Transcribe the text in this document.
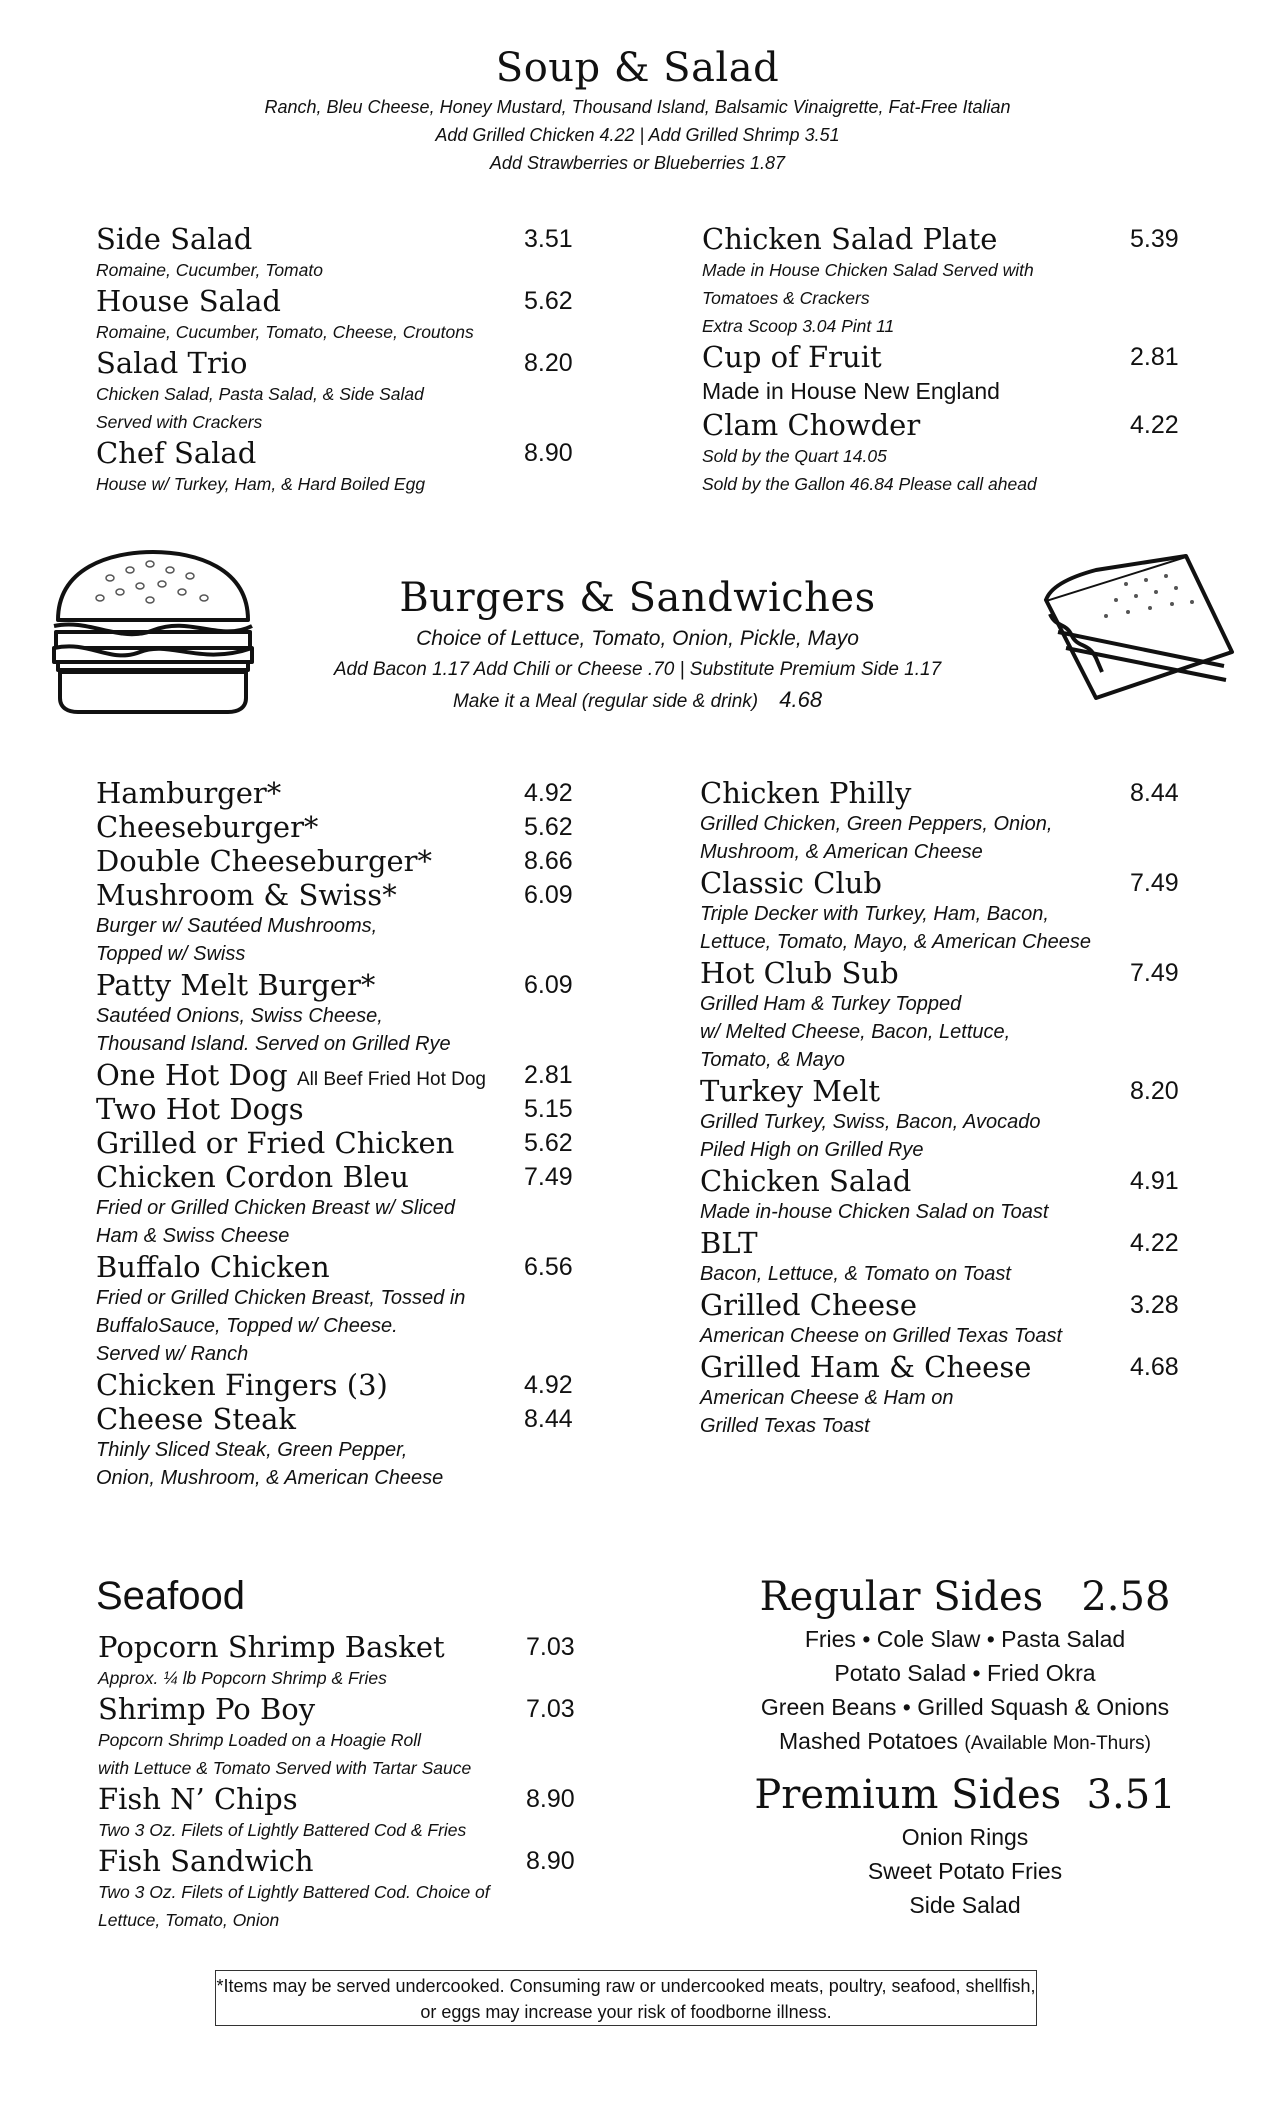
Soup & Salad
Ranch, Bleu Cheese, Honey Mustard, Thousand Island, Balsamic Vinaigrette, Fat-Free Italian
Add Grilled Chicken 4.22 | Add Grilled Shrimp 3.51
Add Strawberries or Blueberries 1.87
Side Salad	3.51
Romaine, Cucumber, Tomato
House Salad	5.62
Romaine, Cucumber, Tomato, Cheese, Croutons
Salad Trio	8.20
Chicken Salad, Pasta Salad, & Side Salad
Served with Crackers
Chef Salad	8.90
House w/ Turkey, Ham, & Hard Boiled Egg
Chicken Salad Plate	5.39
Made in House Chicken Salad Served with
Tomatoes & Crackers
Extra Scoop 3.04 Pint 11
Cup of Fruit	2.81
Made in House New England
Clam Chowder	4.22
Sold by the Quart 14.05
Sold by the Gallon 46.84 Please call ahead
Burgers & Sandwiches
Choice of Lettuce, Tomato, Onion, Pickle, Mayo
Add Bacon 1.17 Add Chili or Cheese .70 | Substitute Premium Side 1.17
Make it a Meal (regular side & drink) 4.68
Hamburger*	4.92
Cheeseburger*	5.62
Double Cheeseburger*	8.66
Mushroom & Swiss*	6.09
Burger w/ Sautéed Mushrooms,
Topped w/ Swiss
Patty Melt Burger*	6.09
Sautéed Onions, Swiss Cheese,
Thousand Island. Served on Grilled Rye
One Hot Dog All Beef Fried Hot Dog	2.81
Two Hot Dogs	5.15
Grilled or Fried Chicken	5.62
Chicken Cordon Bleu	7.49
Fried or Grilled Chicken Breast w/ Sliced
Ham & Swiss Cheese
Buffalo Chicken	6.56
Fried or Grilled Chicken Breast, Tossed in
BuffaloSauce, Topped w/ Cheese.
Served w/ Ranch
Chicken Fingers (3)	4.92
Cheese Steak	8.44
Thinly Sliced Steak, Green Pepper,
Onion, Mushroom, & American Cheese
Chicken Philly	8.44
Grilled Chicken, Green Peppers, Onion,
Mushroom, & American Cheese
Classic Club	7.49
Triple Decker with Turkey, Ham, Bacon,
Lettuce, Tomato, Mayo, & American Cheese
Hot Club Sub	7.49
Grilled Ham & Turkey Topped
w/ Melted Cheese, Bacon, Lettuce,
Tomato, & Mayo
Turkey Melt	8.20
Grilled Turkey, Swiss, Bacon, Avocado
Piled High on Grilled Rye
Chicken Salad	4.91
Made in-house Chicken Salad on Toast
BLT	4.22
Bacon, Lettuce, & Tomato on Toast
Grilled Cheese	3.28
American Cheese on Grilled Texas Toast
Grilled Ham & Cheese	4.68
American Cheese & Ham on
Grilled Texas Toast
Seafood
Popcorn Shrimp Basket	7.03
Approx. ¼ lb Popcorn Shrimp & Fries
Shrimp Po Boy	7.03
Popcorn Shrimp Loaded on a Hoagie Roll
with Lettuce & Tomato Served with Tartar Sauce
Fish N’ Chips	8.90
Two 3 Oz. Filets of Lightly Battered Cod & Fries
Fish Sandwich	8.90
Two 3 Oz. Filets of Lightly Battered Cod. Choice of
Lettuce, Tomato, Onion
Regular Sides 2.58
Fries • Cole Slaw • Pasta Salad
Potato Salad • Fried Okra
Green Beans • Grilled Squash & Onions
Mashed Potatoes (Available Mon-Thurs)
Premium Sides 3.51
Onion Rings
Sweet Potato Fries
Side Salad
*Items may be served undercooked. Consuming raw or undercooked meats, poultry, seafood, shellfish,
or eggs may increase your risk of foodborne illness.
